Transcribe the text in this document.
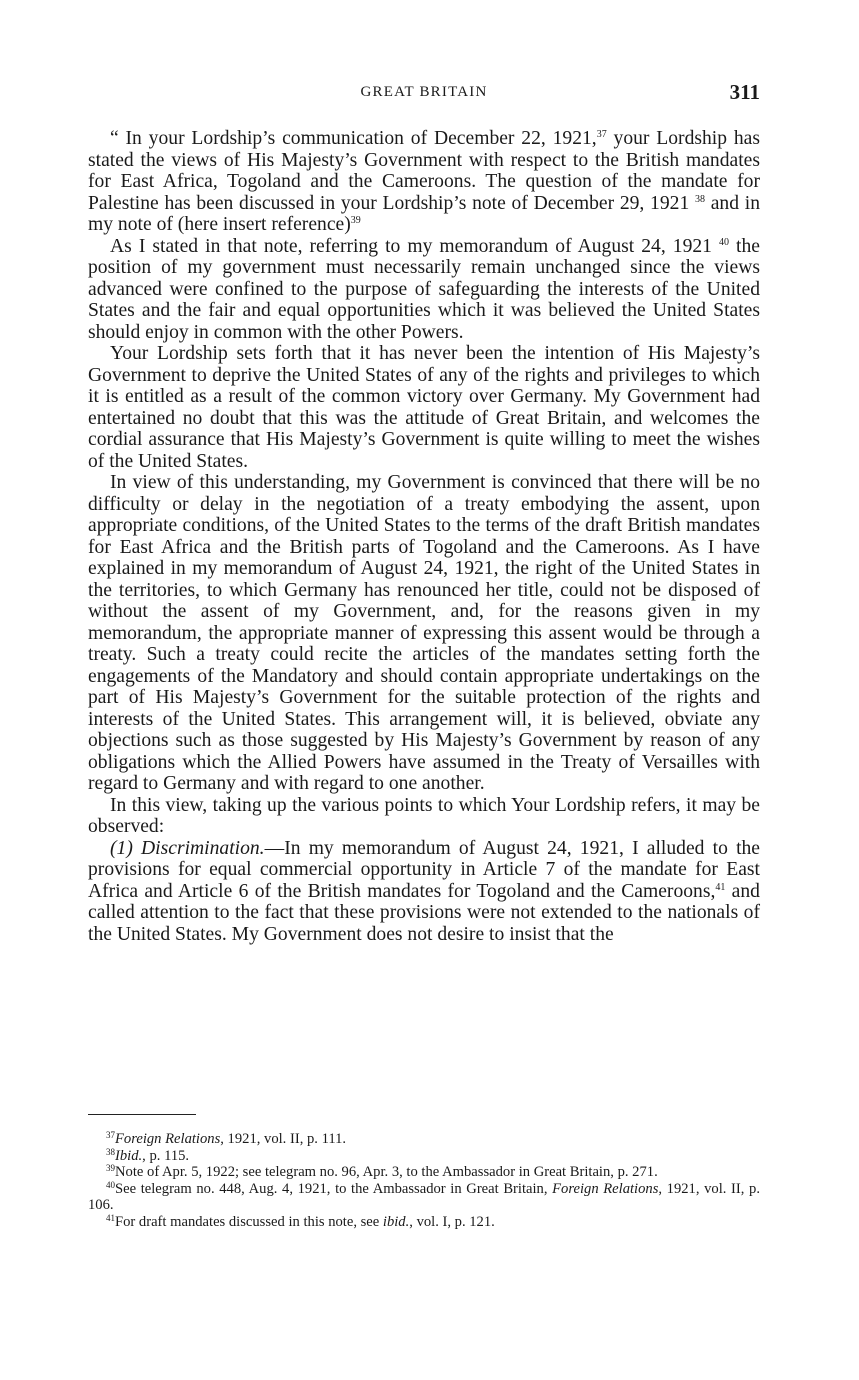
GREAT BRITAIN	311

“ In your Lordship’s communication of December 22, 1921,37 your Lordship has stated the views of His Majesty’s Government with respect to the British mandates for East Africa, Togoland and the Cameroons. The question of the mandate for Palestine has been discussed in your Lordship’s note of December 29, 1921 $^{38}$ and in my note of (here insert reference)$^{39}$

As I stated in that note, referring to my memorandum of August 24, 1921 $^{40}$ the position of my government must necessarily remain unchanged since the views advanced were confined to the purpose of safeguarding the interests of the United States and the fair and equal opportunities which it was believed the United States should enjoy in common with the other Powers.

Your Lordship sets forth that it has never been the intention of His Majesty’s Government to deprive the United States of any of the rights and privileges to which it is entitled as a result of the common victory over Germany. My Government had entertained no doubt that this was the attitude of Great Britain, and welcomes the cordial assurance that His Majesty’s Government is quite willing to meet the wishes of the United States.

In view of this understanding, my Government is convinced that there will be no difficulty or delay in the negotiation of a treaty embodying the assent, upon appropriate conditions, of the United States to the terms of the draft British mandates for East Africa and the British parts of Togoland and the Cameroons. As I have explained in my memorandum of August 24, 1921, the right of the United States in the territories, to which Germany has renounced her title, could not be disposed of without the assent of my Government, and, for the reasons given in my memorandum, the appropriate manner of expressing this assent would be through a treaty. Such a treaty could recite the articles of the mandates setting forth the engagements of the Mandatory and should contain appropriate undertakings on the part of His Majesty’s Government for the suitable protection of the rights and interests of the United States. This arrangement will, it is believed, obviate any objections such as those suggested by His Majesty’s Government by reason of any obligations which the Allied Powers have assumed in the Treaty of Versailles with regard to Germany and with regard to one another.

In this view, taking up the various points to which Your Lordship refers, it may be observed:

(1) Discrimination.—In my memorandum of August 24, 1921, I alluded to the provisions for equal commercial opportunity in Article 7 of the mandate for East Africa and Article 6 of the British mandates for Togoland and the Cameroons,$^{41}$ and called attention to the fact that these provisions were not extended to the nationals of the United States. My Government does not desire to insist that the

$^{37}$Foreign Relations, 1921, vol. II, p. 111.

$^{38}$Ibid., p. 115.

$^{39}$Note of Apr. 5, 1922; see telegram no. 96, Apr. 3, to the Ambassador in Great Britain, p. 271.

$^{40}$See telegram no. 448, Aug. 4, 1921, to the Ambassador in Great Britain, Foreign Relations, 1921, vol. II, p. 106.

$^{41}$For draft mandates discussed in this note, see ibid., vol. I, p. 121.
